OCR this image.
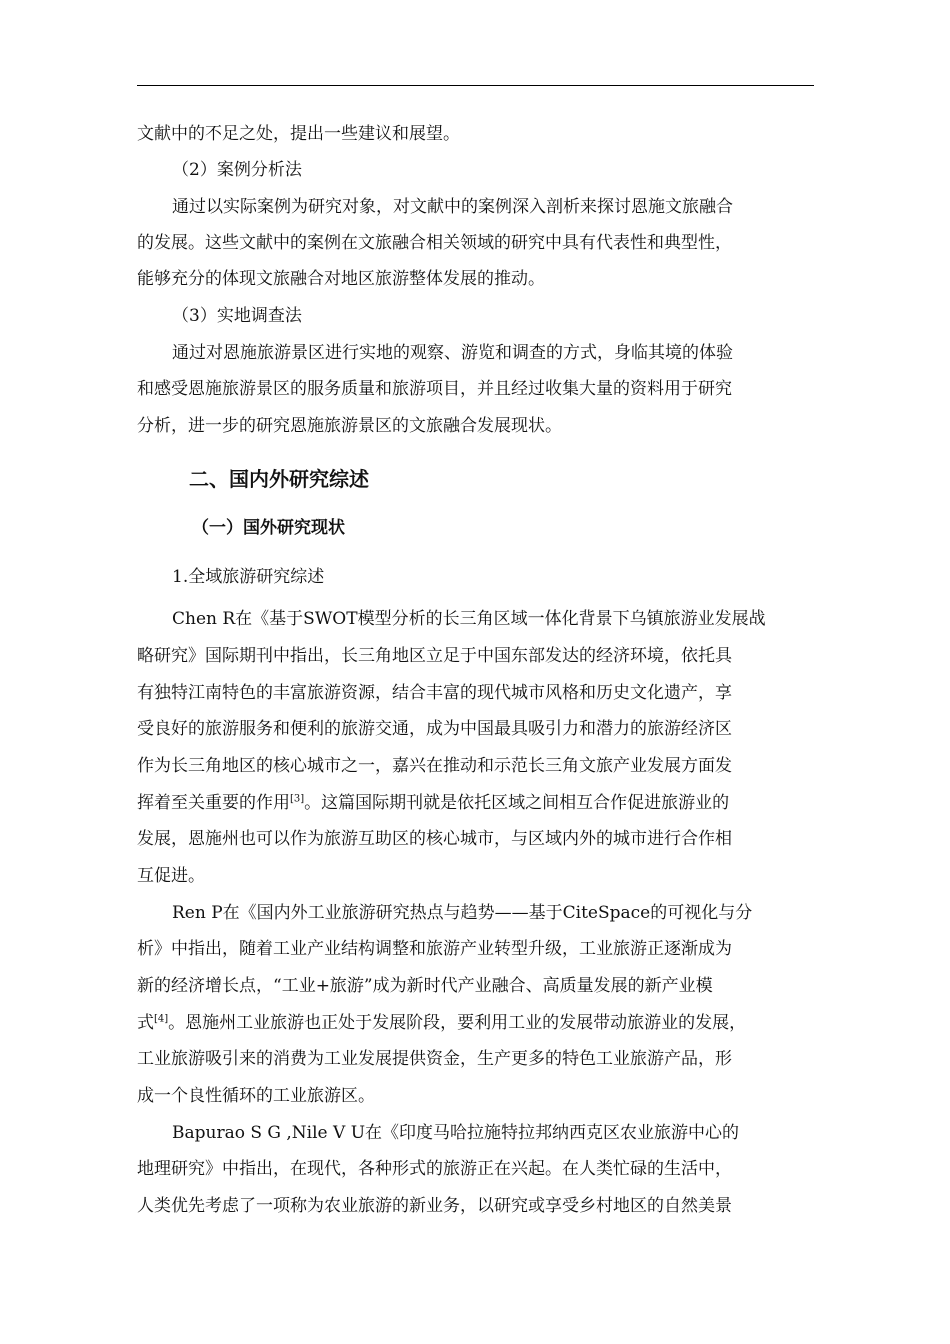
文献中的不足之处，提出一些建议和展望。
（2）案例分析法
通过以实际案例为研究对象，对文献中的案例深入剖析来探讨恩施文旅融合
的发展。这些文献中的案例在文旅融合相关领域的研究中具有代表性和典型性，
能够充分的体现文旅融合对地区旅游整体发展的推动。
（3）实地调查法
通过对恩施旅游景区进行实地的观察、游览和调查的方式，身临其境的体验
和感受恩施旅游景区的服务质量和旅游项目，并且经过收集大量的资料用于研究
分析，进一步的研究恩施旅游景区的文旅融合发展现状。
二、国内外研究综述
（一）国外研究现状
1.全域旅游研究综述
Chen R在《基于SWOT模型分析的长三角区域一体化背景下乌镇旅游业发展战
略研究》国际期刊中指出，长三角地区立足于中国东部发达的经济环境，依托具
有独特江南特色的丰富旅游资源，结合丰富的现代城市风格和历史文化遗产，享
受良好的旅游服务和便利的旅游交通，成为中国最具吸引力和潜力的旅游经济区
作为长三角地区的核心城市之一，嘉兴在推动和示范长三角文旅产业发展方面发
挥着至关重要的作用[3]。这篇国际期刊就是依托区域之间相互合作促进旅游业的
发展，恩施州也可以作为旅游互助区的核心城市，与区域内外的城市进行合作相
互促进。
Ren P在《国内外工业旅游研究热点与趋势——基于CiteSpace的可视化与分
析》中指出，随着工业产业结构调整和旅游产业转型升级，工业旅游正逐渐成为
新的经济增长点，“工业+旅游”成为新时代产业融合、高质量发展的新产业模
式[4]。恩施州工业旅游也正处于发展阶段，要利用工业的发展带动旅游业的发展，
工业旅游吸引来的消费为工业发展提供资金，生产更多的特色工业旅游产品，形
成一个良性循环的工业旅游区。
Bapurao S G ,Nile V U在《印度马哈拉施特拉邦纳西克区农业旅游中心的
地理研究》中指出，在现代，各种形式的旅游正在兴起。在人类忙碌的生活中，
人类优先考虑了一项称为农业旅游的新业务，以研究或享受乡村地区的自然美景
